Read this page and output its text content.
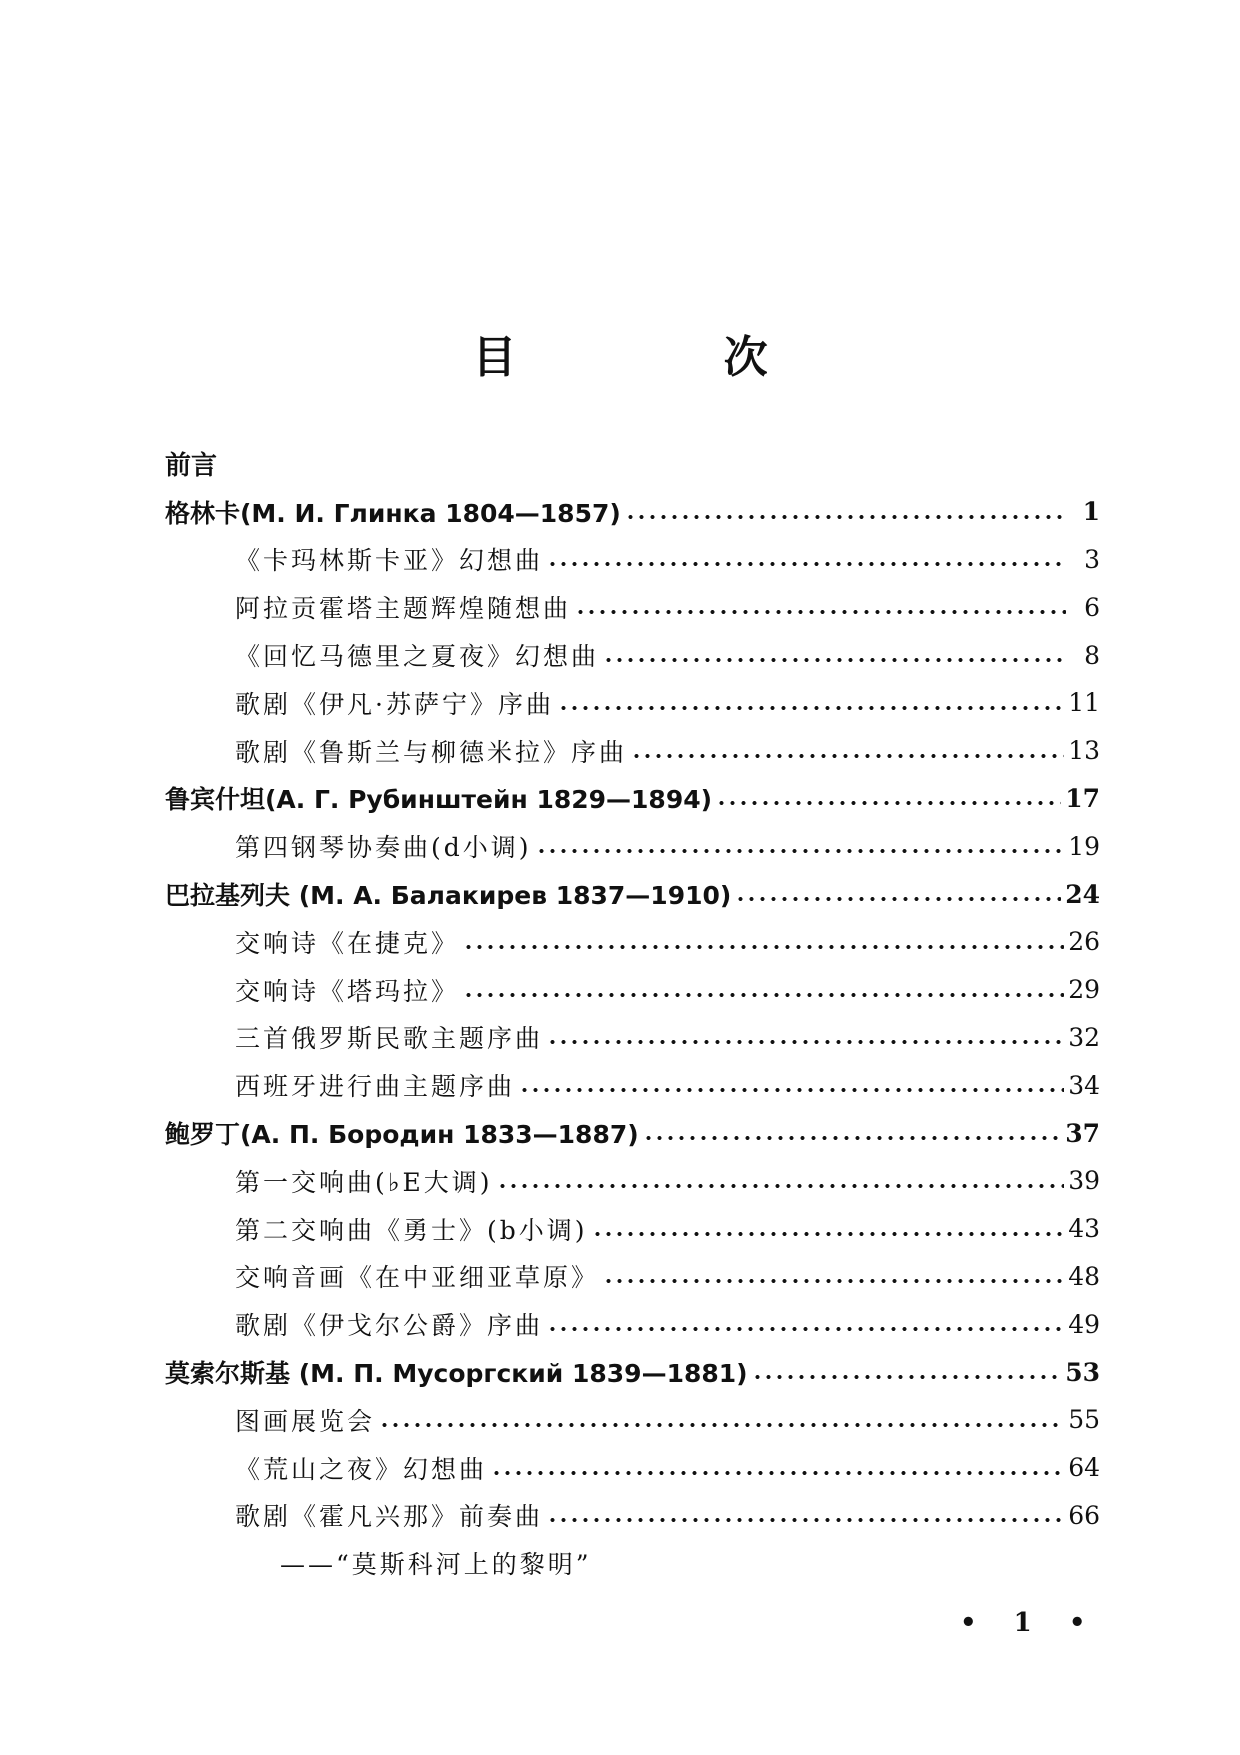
目 次
前言
格林卡(М. И. Глинка 1804—1857)	1
《卡玛林斯卡亚》幻想曲	3
阿拉贡霍塔主题辉煌随想曲	6
《回忆马德里之夏夜》幻想曲	8
歌剧《伊凡·苏萨宁》序曲	11
歌剧《鲁斯兰与柳德米拉》序曲	13
鲁宾什坦(А. Г. Рубинштейн 1829—1894)	17
第四钢琴协奏曲(d小调)	19
巴拉基列夫 (М. А. Балакирев 1837—1910)	24
交响诗《在捷克》	26
交响诗《塔玛拉》	29
三首俄罗斯民歌主题序曲	32
西班牙进行曲主题序曲	34
鲍罗丁(А. П. Бородин 1833—1887)	37
第一交响曲(♭E大调)	39
第二交响曲《勇士》(b小调)	43
交响音画《在中亚细亚草原》	48
歌剧《伊戈尔公爵》序曲	49
莫索尔斯基 (М. П. Мусоргский 1839—1881)	53
图画展览会	55
《荒山之夜》幻想曲	64
歌剧《霍凡兴那》前奏曲	66
——“莫斯科河上的黎明”
• 1 •
